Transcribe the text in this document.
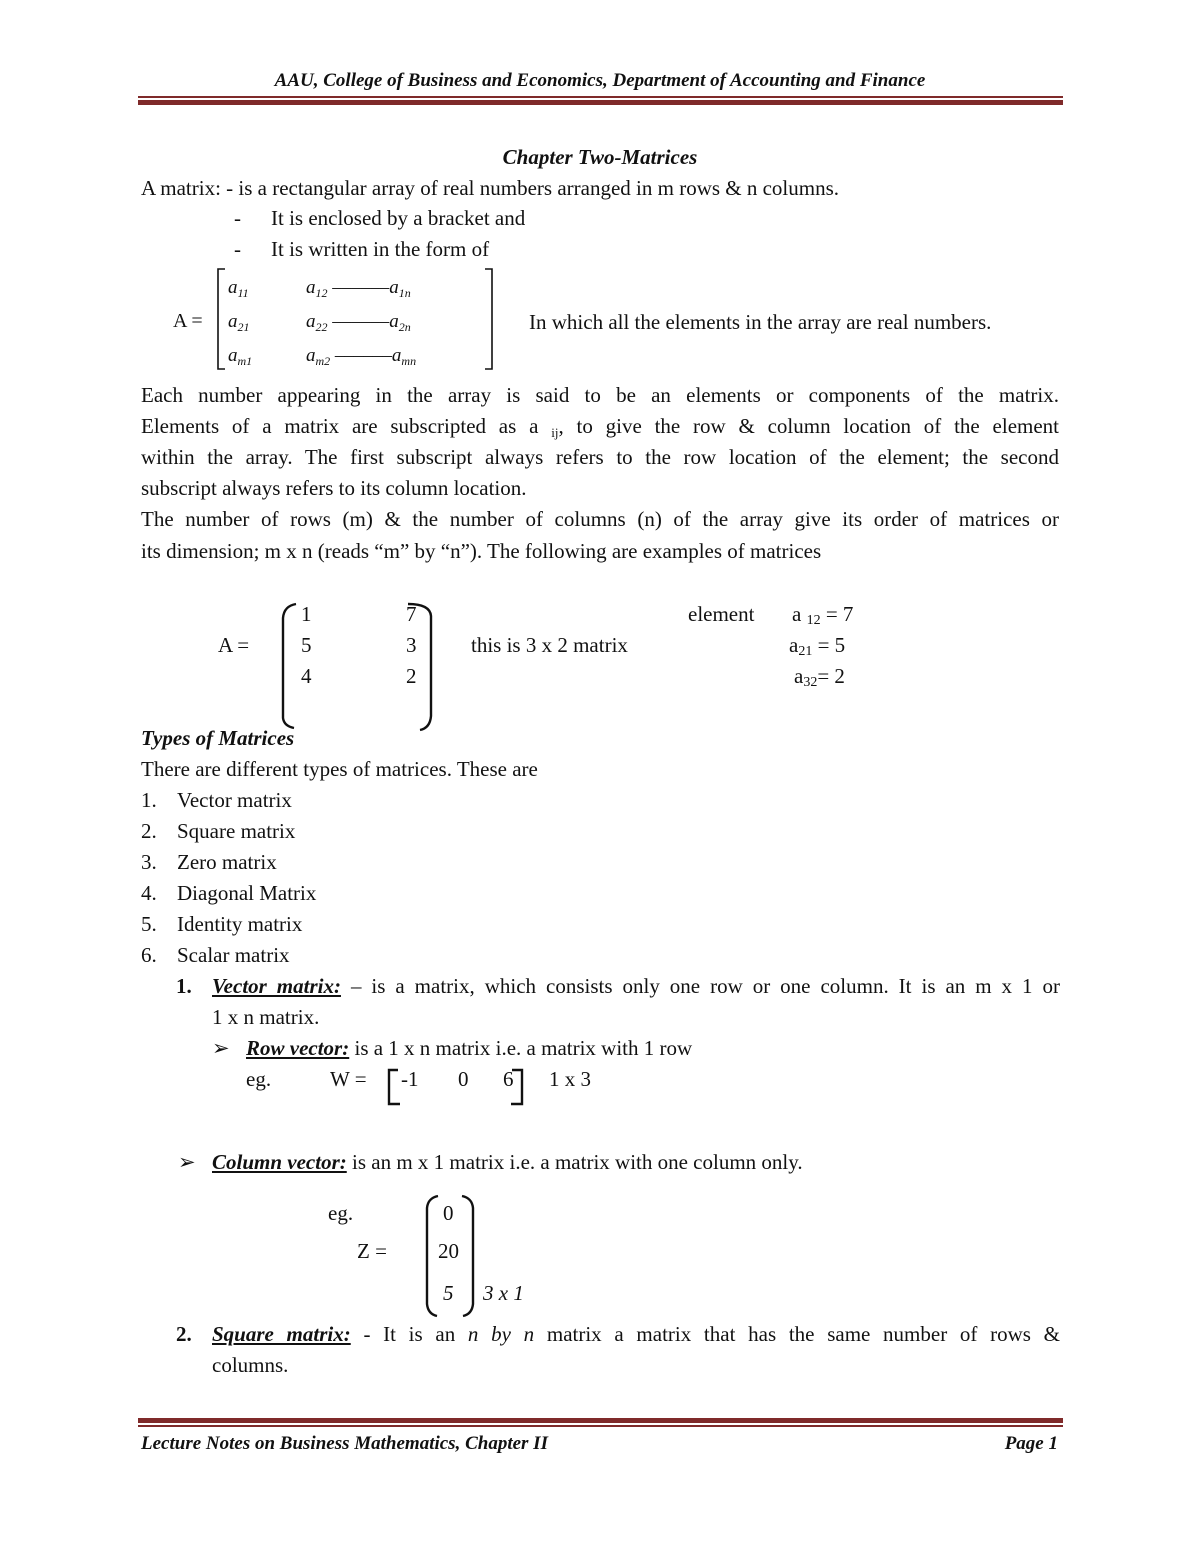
AAU, College of Business and Economics, Department of Accounting and Finance
Chapter Two-Matrices
A matrix: - is a rectangular array of real numbers arranged in m rows & n columns.
- It is enclosed by a bracket and
- It is written in the form of
A =
$a_{11}$	$a_{12}$ $------a_{1n}$
$a_{21}$	$a_{22}$ $------a_{2n}$
$a_{m1}$	$a_{m2}$ $------a_{mn}$
In which all the elements in the array are real numbers.
Each number appearing in the array is said to be an elements or components of the matrix.
Elements of a matrix are subscripted as a ij, to give the row & column location of the element
within the array. The first subscript always refers to the row location of the element; the second
subscript always refers to its column location.
The number of rows (m) & the number of columns (n) of the array give its order of matrices or
its dimension; m x n (reads “m” by “n”). The following are examples of matrices
A =
1	7
5	3
4	2
this is 3 x 2 matrix
element a 12 = 7
a21 = 5
a32= 2
Types of Matrices
There are different types of matrices. These are
1. Vector matrix
2. Square matrix
3. Zero matrix
4. Diagonal Matrix
5. Identity matrix
6. Scalar matrix
1. Vector matrix: – is a matrix, which consists only one row or one column. It is an m x 1 or
1 x n matrix.
➢ Row vector: is a 1 x n matrix i.e. a matrix with 1 row
eg.	W = -1 0 6 1 x 3
➢ Column vector: is an m x 1 matrix i.e. a matrix with one column only.
eg.
Z =
0
20
5 3 x 1
2. Square matrix: - It is an n by n matrix a matrix that has the same number of rows &
columns.
Lecture Notes on Business Mathematics, Chapter II	Page 1
